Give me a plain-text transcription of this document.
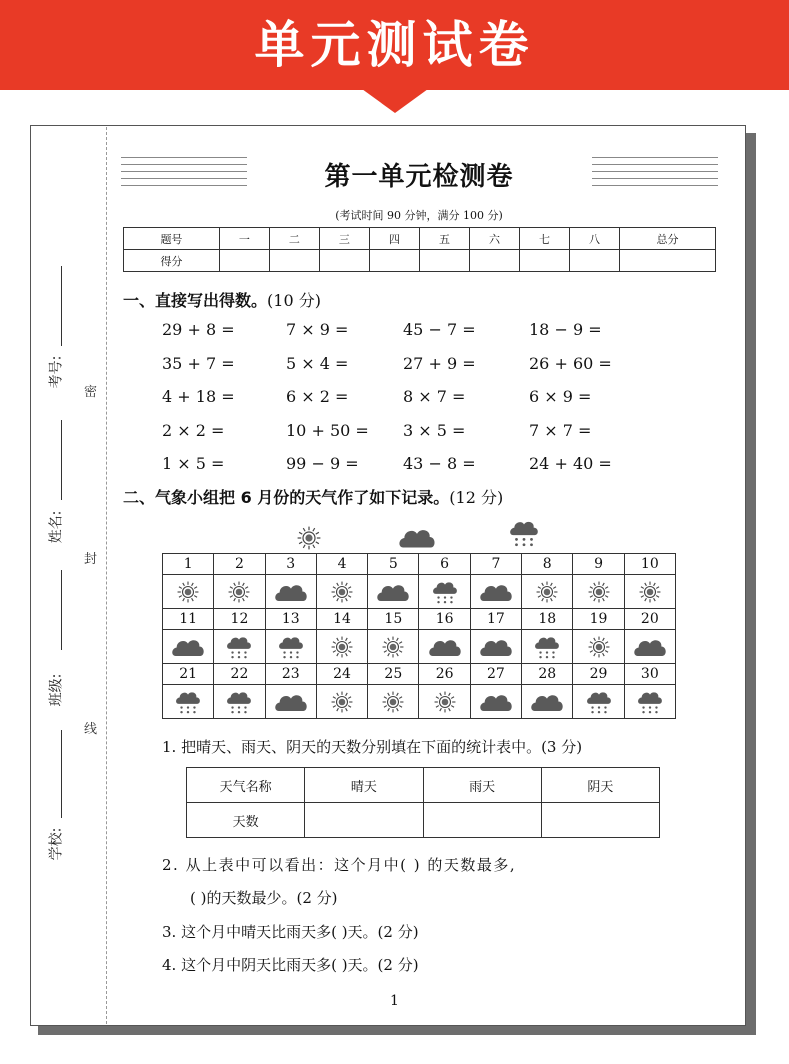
单元测试卷
考号:
姓名:
班级:
学校:
密
封
线
第一单元检测卷
(考试时间 90 分钟，满分 100 分)
题号	一	二	三	四	五	六	七	八	总分
得分									
一、直接写出得数。(10 分)
29 + 8 =	7 × 9 =	45 − 7 =	18 − 9 =
35 + 7 =	5 × 4 =	27 + 9 =	26 + 60 =
4 + 18 =	6 × 2 =	8 × 7 =	6 × 9 =
2 × 2 =	10 + 50 = 3 × 5 =	7 × 7 =
1 × 5 =	99 − 9 =	43 − 8 =	24 + 40 =
二、气象小组把 6 月份的天气作了如下记录。(12 分)
1	2	3	4	5	6	7	8	9	10

11	12	13	14	15	16	17	18	19	20

21	22	23	24	25	26	27	28	29	30

1. 把晴天、雨天、阴天的天数分别填在下面的统计表中。(3 分)
天气名称	晴天	雨天	阴天
天数			
2. 从上表中可以看出：这个月中( ) 的天数最多,
( )的天数最少。(2 分)
3. 这个月中晴天比雨天多( )天。(2 分)
4. 这个月中阴天比雨天多( )天。(2 分)
1
